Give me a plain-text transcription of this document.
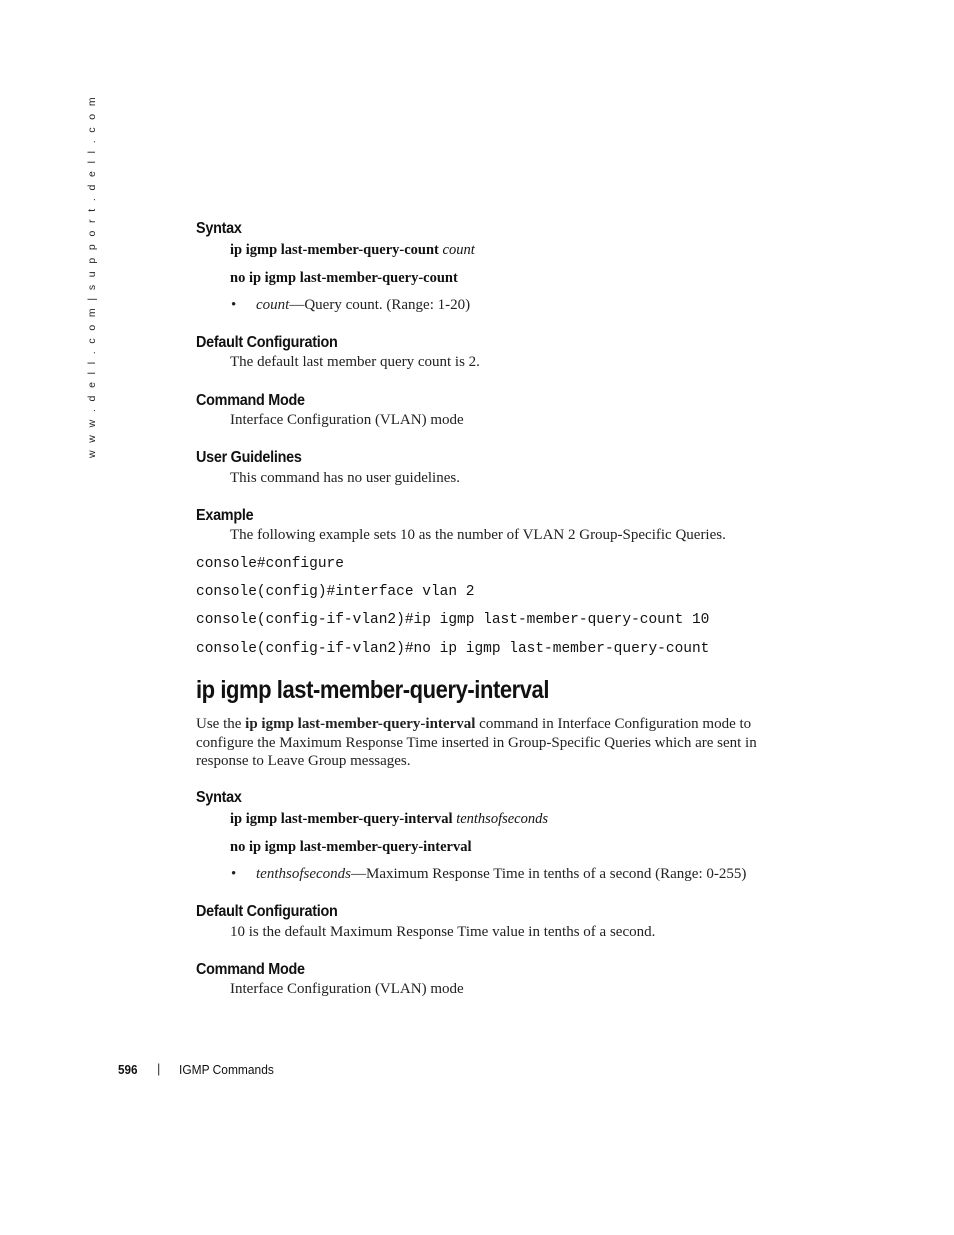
w w w . d e l l . c o m | s u p p o r t . d e l l . c o m	Syntax
ip igmp last-member-query-count count
no ip igmp last-member-query-count
• count—Query count. (Range: 1-20)
Default Configuration
The default last member query count is 2.
Command Mode
Interface Configuration (VLAN) mode
User Guidelines
This command has no user guidelines.
Example
The following example sets 10 as the number of VLAN 2 Group-Specific Queries.
console#configure
console(config)#interface vlan 2
console(config-if-vlan2)#ip igmp last-member-query-count 10
console(config-if-vlan2)#no ip igmp last-member-query-count
ip igmp last-member-query-interval
Use the ip igmp last-member-query-interval command in Interface Configuration mode to configure the Maximum Response Time inserted in Group-Specific Queries which are sent in response to Leave Group messages.
Syntax
ip igmp last-member-query-interval tenthsofseconds
no ip igmp last-member-query-interval
• tenthsofseconds—Maximum Response Time in tenths of a second (Range: 0-255)
Default Configuration
10 is the default Maximum Response Time value in tenths of a second.
Command Mode
Interface Configuration (VLAN) mode
596 | IGMP Commands
